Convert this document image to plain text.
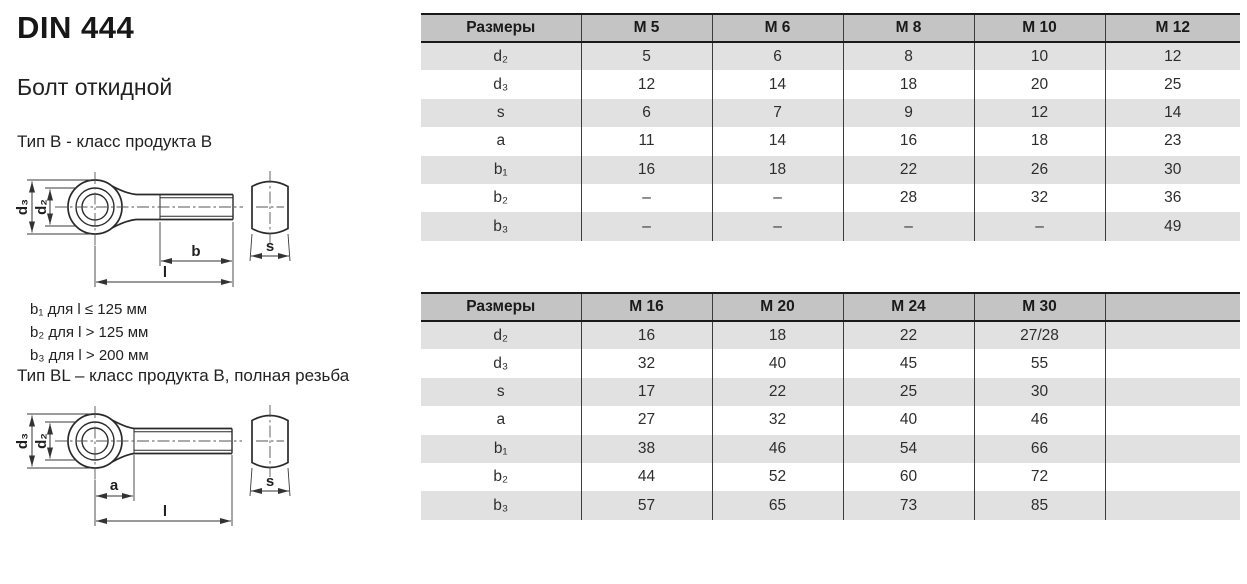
DIN 444
Болт откидной
Тип B - класс продукта B
d₃ d₂
b
l
s
b₁ для l ≤ 125 мм
b₂ для l > 125 мм
b₃ для l > 200 мм
Тип BL – класс продукта B, полная резьба
d₃ d₂
a
l
s
Размеры	M 5	M 6	M 8	M 10	M 12
d₂	5	6	8	10	12
d₃	12	14	18	20	25
s	6	7	9	12	14
a	11	14	16	18	23
b₁	16	18	22	26	30
b₂	–	–	28	32	36
b₃	–	–	–	–	49
Размеры	M 16	M 20	M 24	M 30	
d₂	16	18	22	27/28	
d₃	32	40	45	55	
s	17	22	25	30	
a	27	32	40	46	
b₁	38	46	54	66	
b₂	44	52	60	72	
b₃	57	65	73	85	
